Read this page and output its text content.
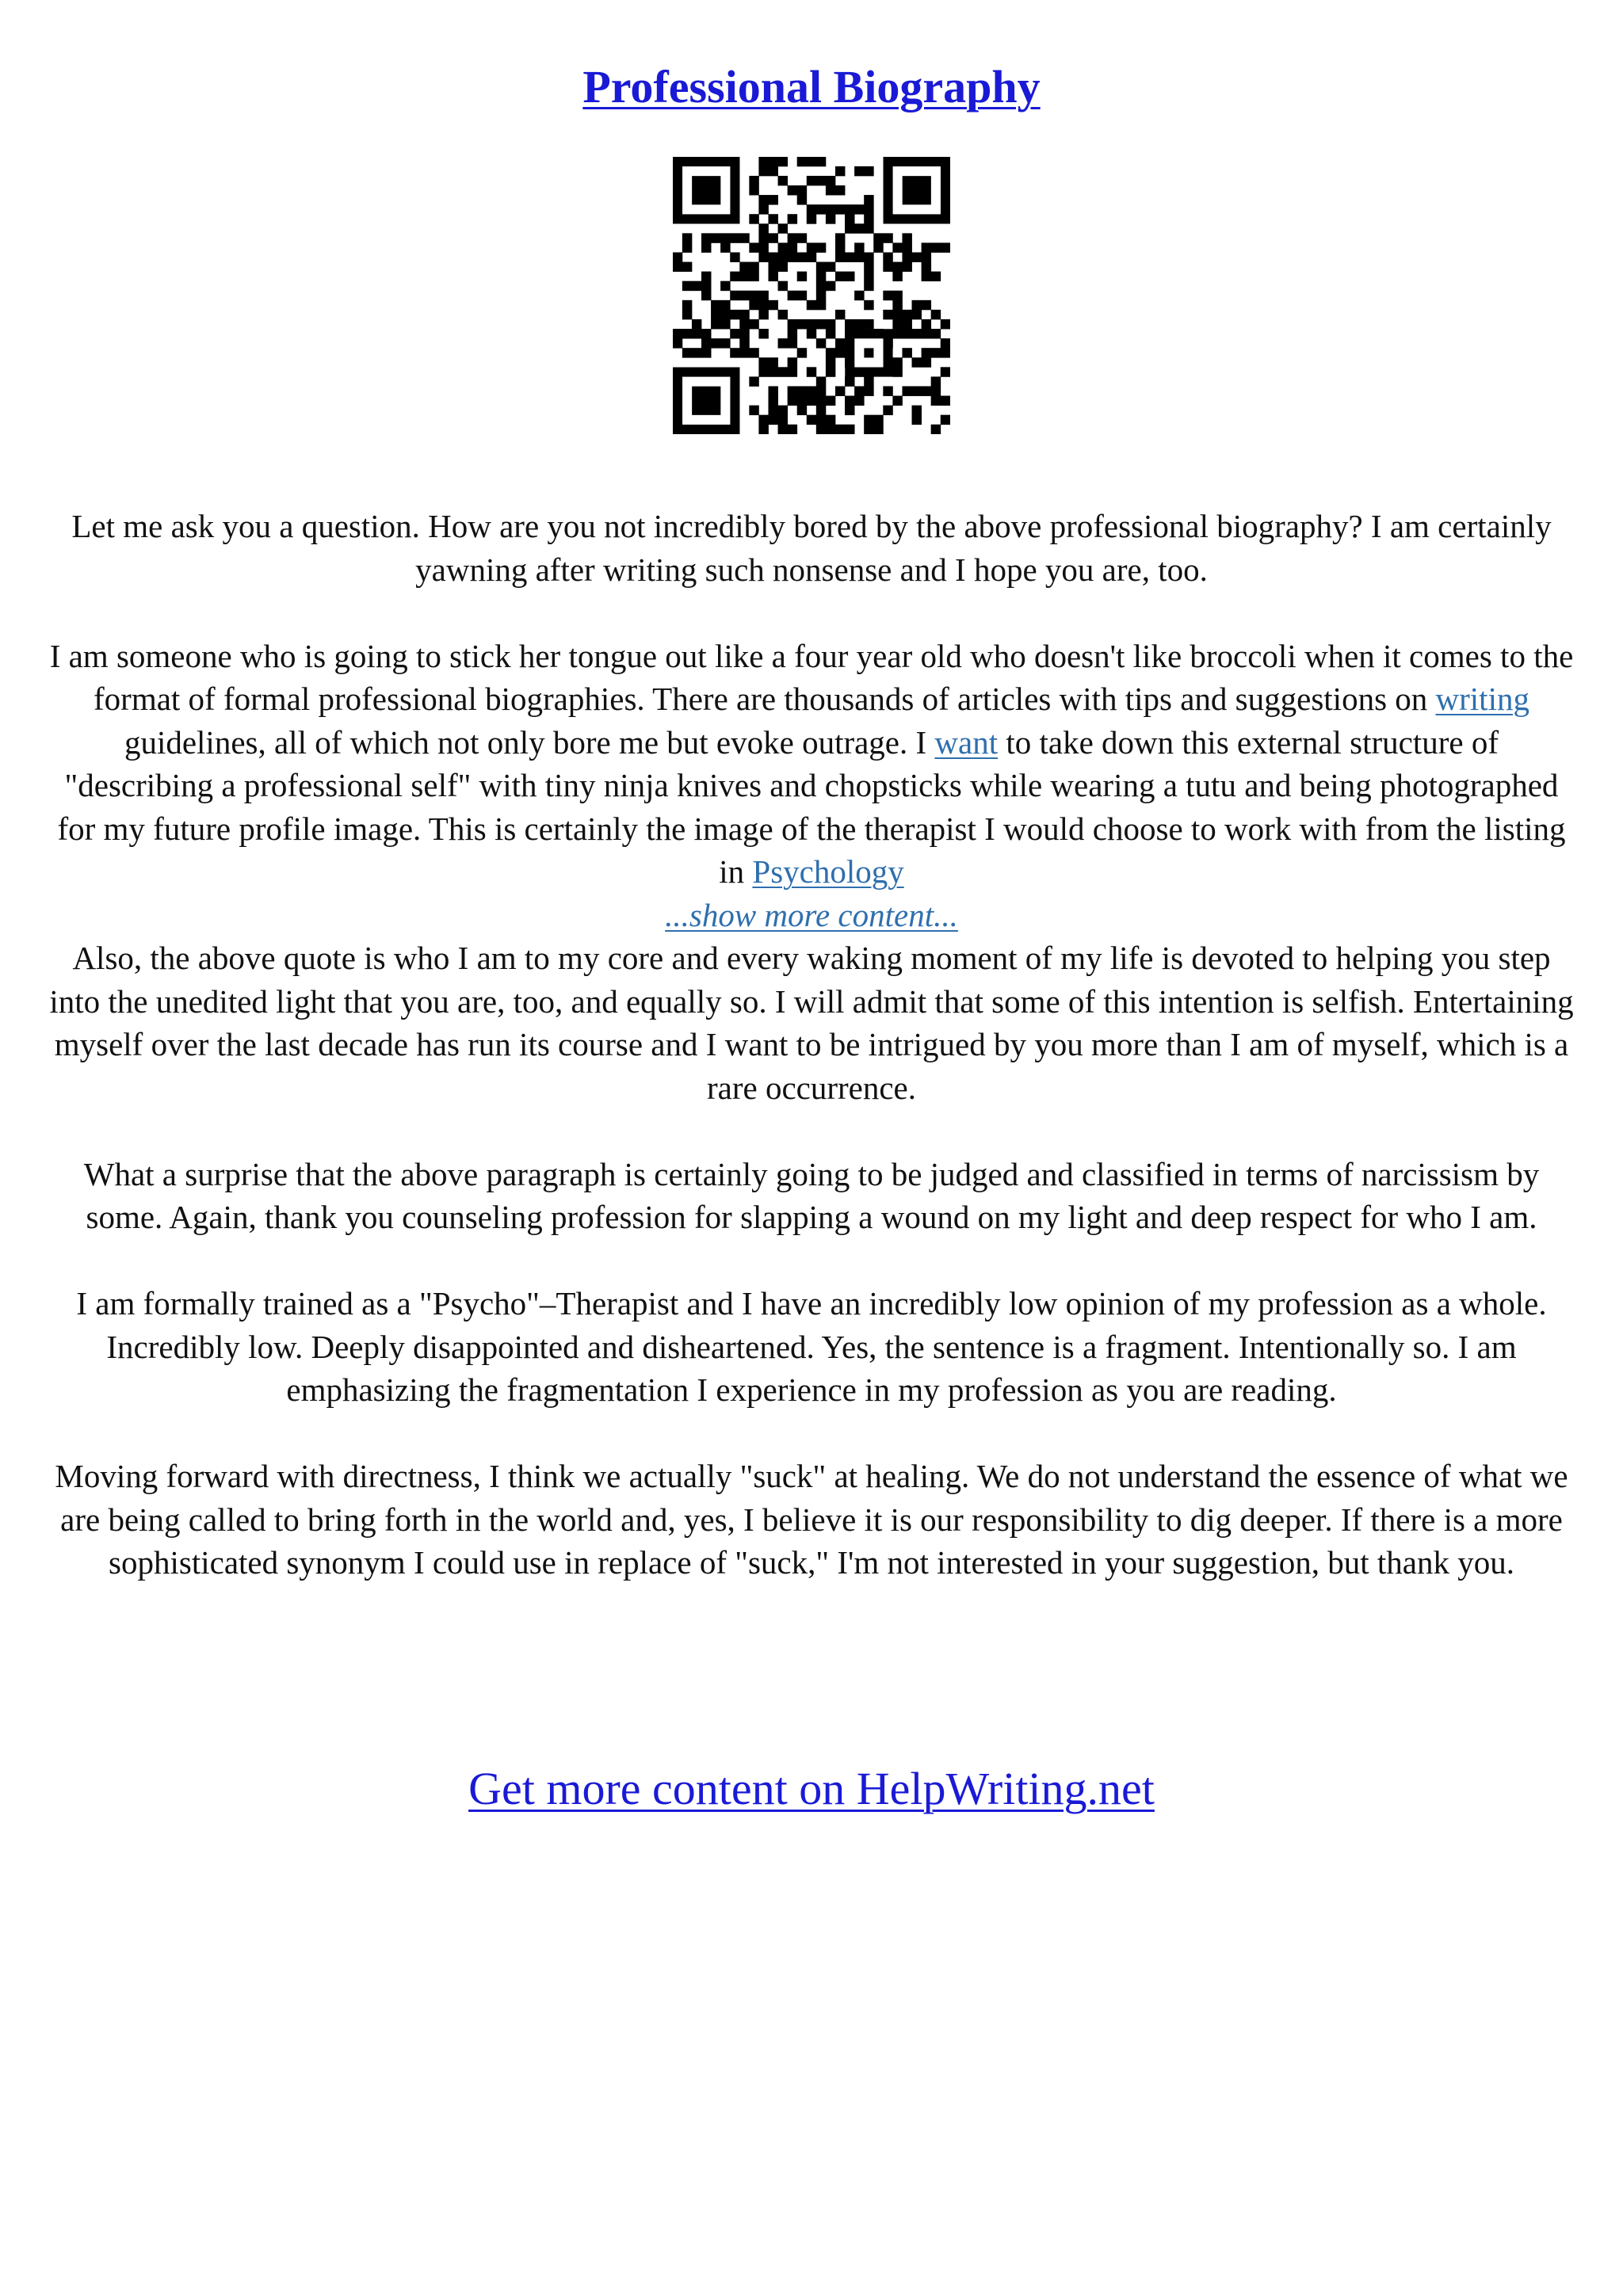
Professional Biography

Let me ask you a question. How are you not incredibly bored by the above professional biography? I am certainly yawning after writing such nonsense and I hope you are, too.

I am someone who is going to stick her tongue out like a four year old who doesn't like broccoli when it comes to the format of formal professional biographies. There are thousands of articles with tips and suggestions on writing guidelines, all of which not only bore me but evoke outrage. I want to take down this external structure of "describing a professional self" with tiny ninja knives and chopsticks while wearing a tutu and being photographed for my future profile image. This is certainly the image of the therapist I would choose to work with from the listing in Psychology
...show more content...

Also, the above quote is who I am to my core and every waking moment of my life is devoted to helping you step into the unedited light that you are, too, and equally so. I will admit that some of this intention is selfish. Entertaining myself over the last decade has run its course and I want to be intrigued by you more than I am of myself, which is a rare occurrence.

What a surprise that the above paragraph is certainly going to be judged and classified in terms of narcissism by some. Again, thank you counseling profession for slapping a wound on my light and deep respect for who I am.

I am formally trained as a "Psycho"–Therapist and I have an incredibly low opinion of my profession as a whole. Incredibly low. Deeply disappointed and disheartened. Yes, the sentence is a fragment. Intentionally so. I am emphasizing the fragmentation I experience in my profession as you are reading.

Moving forward with directness, I think we actually "suck" at healing. We do not understand the essence of what we are being called to bring forth in the world and, yes, I believe it is our responsibility to dig deeper. If there is a more sophisticated synonym I could use in replace of "suck," I'm not interested in your suggestion, but thank you.

Get more content on HelpWriting.net
